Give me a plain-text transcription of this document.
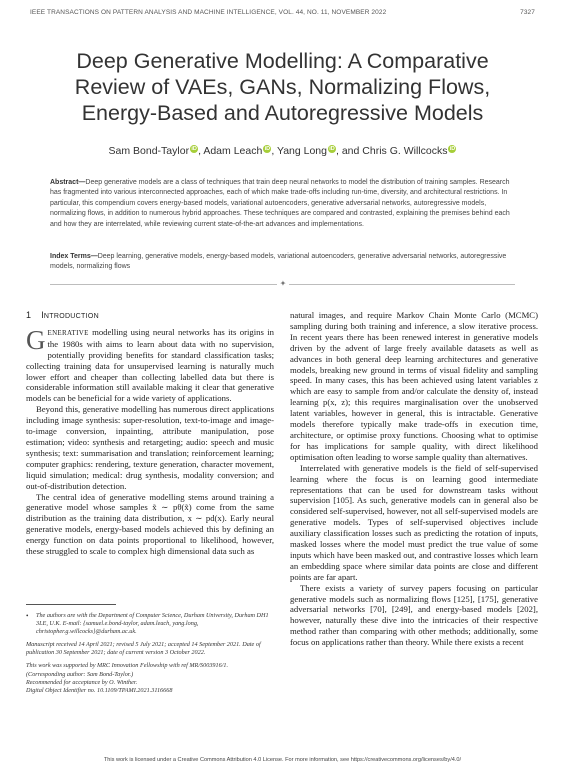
IEEE TRANSACTIONS ON PATTERN ANALYSIS AND MACHINE INTELLIGENCE, VOL. 44, NO. 11, NOVEMBER 2022	7327
Deep Generative Modelling: A Comparative
Review of VAEs, GANs, Normalizing Flows,
Energy-Based and Autoregressive Models
Sam Bond-Taylor iD, Adam Leach iD, Yang Long iD, and Chris G. Willcocks iD
Abstract—Deep generative models are a class of techniques that train deep neural networks to model the distribution of training samples. Research has fragmented into various interconnected approaches, each of which make trade-offs including run-time, diversity, and architectural restrictions. In particular, this compendium covers energy-based models, variational autoencoders, generative adversarial networks, autoregressive models, normalizing flows, in addition to numerous hybrid approaches. These techniques are compared and contrasted, explaining the premises behind each and how they are interrelated, while reviewing current state-of-the-art advances and implementations.
Index Terms—Deep learning, generative models, energy-based models, variational autoencoders, generative adversarial networks, autoregressive models, normalizing flows
✦
1 INTRODUCTION

GENERATIVE modelling using neural networks has its origins in the 1980s with aims to learn about data with no supervision, potentially providing benefits for standard classification tasks; collecting training data for unsupervised learning is naturally much lower effort and cheaper than collecting labelled data but there is considerable information still available making it clear that generative models can be beneficial for a wide variety of applications.

Beyond this, generative modelling has numerous direct applications including image synthesis: super-resolution, text-to-image and image-to-image conversion, inpainting, attribute manipulation, pose estimation; video: synthesis and retargeting; audio: speech and music synthesis; text: summarisation and translation; reinforcement learning; computer graphics: rendering, texture generation, character movement, liquid simulation; medical: drug synthesis, modality conversion; and out-of-distribution detection.

The central idea of generative modelling stems around training a generative model whose samples x̃ ∼ pθ(x̃) come from the same distribution as the training data distribution, x ∼ pd(x). Early neural generative models, energy-based models achieved this by defining an energy function on data points proportional to likelihood, however, these struggled to scale to complex high dimensional data such as

natural images, and require Markov Chain Monte Carlo (MCMC) sampling during both training and inference, a slow iterative process. In recent years there has been renewed interest in generative models driven by the advent of large freely available datasets as well as advances in both general deep learning architectures and generative models, breaking new ground in terms of visual fidelity and sampling speed. In many cases, this has been achieved using latent variables z which are easy to sample from and/or calculate the density of, instead learning p(x, z); this requires marginalisation over the unobserved latent variables, however in general, this is intractable. Generative models therefore typically make trade-offs in execution time, architecture, or optimise proxy functions. Choosing what to optimise for has implications for sample quality, with direct likelihood optimisation often leading to worse sample quality than alternatives.

Interrelated with generative models is the field of self-supervised learning where the focus is on learning good intermediate representations that can be used for downstream tasks without supervision [105]. As such, generative models can in general also be considered self-supervised, however, not all self-supervised models are generative models. Types of self-supervised objectives include auxiliary classification losses such as predicting the rotation of inputs, masked losses where the model must predict the true value of some inputs which have been masked out, and contrastive losses which learn an embedding space where similar data points are close and different points are far apart.

There exists a variety of survey papers focusing on particular generative models such as normalizing flows [125], [175], generative adversarial networks [70], [249], and energy-based models [202], however, naturally these dive into the intricacies of their respective method rather than comparing with other methods; additionally, some focus on applications rather than theory. While there exists a recent

•	The authors are with the Department of Computer Science, Durham University, Durham DH1 3LE, U.K. E-mail: {samuel.e.bond-taylor, adam.leach, yang.long, christopher.g.willcocks}@durham.ac.uk.

Manuscript received 14 April 2021; revised 5 July 2021; accepted 14 September 2021. Date of publication 30 September 2021; date of current version 3 October 2022.

This work was supported by MRC Innovation Fellowship with ref MR/S003916/1.

(Corresponding author: Sam Bond-Taylor.)
Recommended for acceptance by O. Winther.
Digital Object Identifier no. 10.1109/TPAMI.2021.3116668
This work is licensed under a Creative Commons Attribution 4.0 License. For more information, see https://creativecommons.org/licenses/by/4.0/
